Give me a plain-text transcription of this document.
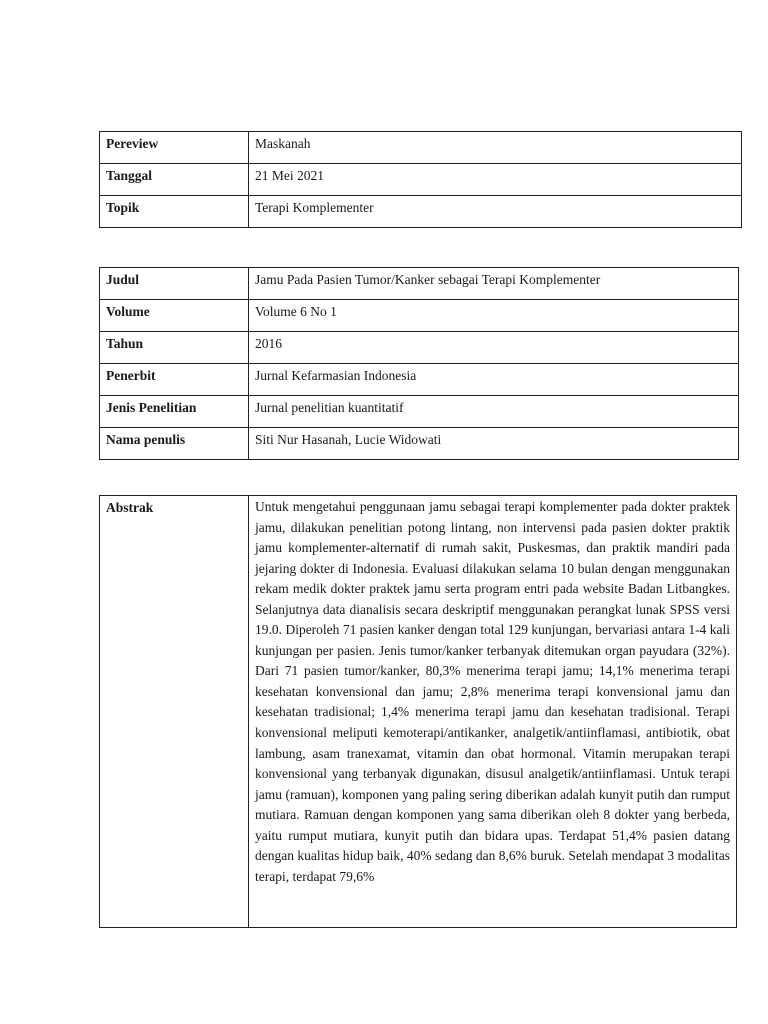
Pereview	Maskanah
Tanggal	21 Mei 2021
Topik	Terapi Komplementer
Judul	Jamu Pada Pasien Tumor/Kanker sebagai Terapi Komplementer
Volume	Volume 6 No 1
Tahun	2016
Penerbit	Jurnal Kefarmasian Indonesia
Jenis Penelitian	Jurnal penelitian kuantitatif
Nama penulis	Siti Nur Hasanah, Lucie Widowati
Abstrak	Untuk mengetahui penggunaan jamu sebagai terapi komplementer pada dokter praktek jamu, dilakukan penelitian potong lintang, non intervensi pada pasien dokter praktik jamu komplementer-alternatif di rumah sakit, Puskesmas, dan praktik mandiri pada jejaring dokter di Indonesia. Evaluasi dilakukan selama 10 bulan dengan menggunakan rekam medik dokter praktek jamu serta program entri pada website Badan Litbangkes. Selanjutnya data dianalisis secara deskriptif menggunakan perangkat lunak SPSS versi 19.0. Diperoleh 71 pasien kanker dengan total 129 kunjungan, bervariasi antara 1-4 kali kunjungan per pasien. Jenis tumor/kanker terbanyak ditemukan organ payudara (32%). Dari 71 pasien tumor/kanker, 80,3% menerima terapi jamu; 14,1% menerima terapi kesehatan konvensional dan jamu; 2,8% menerima terapi konvensional jamu dan kesehatan tradisional; 1,4% menerima terapi jamu dan kesehatan tradisional. Terapi konvensional meliputi kemoterapi/antikanker, analgetik/antiinflamasi, antibiotik, obat lambung, asam tranexamat, vitamin dan obat hormonal. Vitamin merupakan terapi konvensional yang terbanyak digunakan, disusul analgetik/antiinflamasi. Untuk terapi jamu (ramuan), komponen yang paling sering diberikan adalah kunyit putih dan rumput mutiara. Ramuan dengan komponen yang sama diberikan oleh 8 dokter yang berbeda, yaitu rumput mutiara, kunyit putih dan bidara upas. Terdapat 51,4% pasien datang dengan kualitas hidup baik, 40% sedang dan 8,6% buruk. Setelah mendapat 3 modalitas terapi, terdapat 79,6%
